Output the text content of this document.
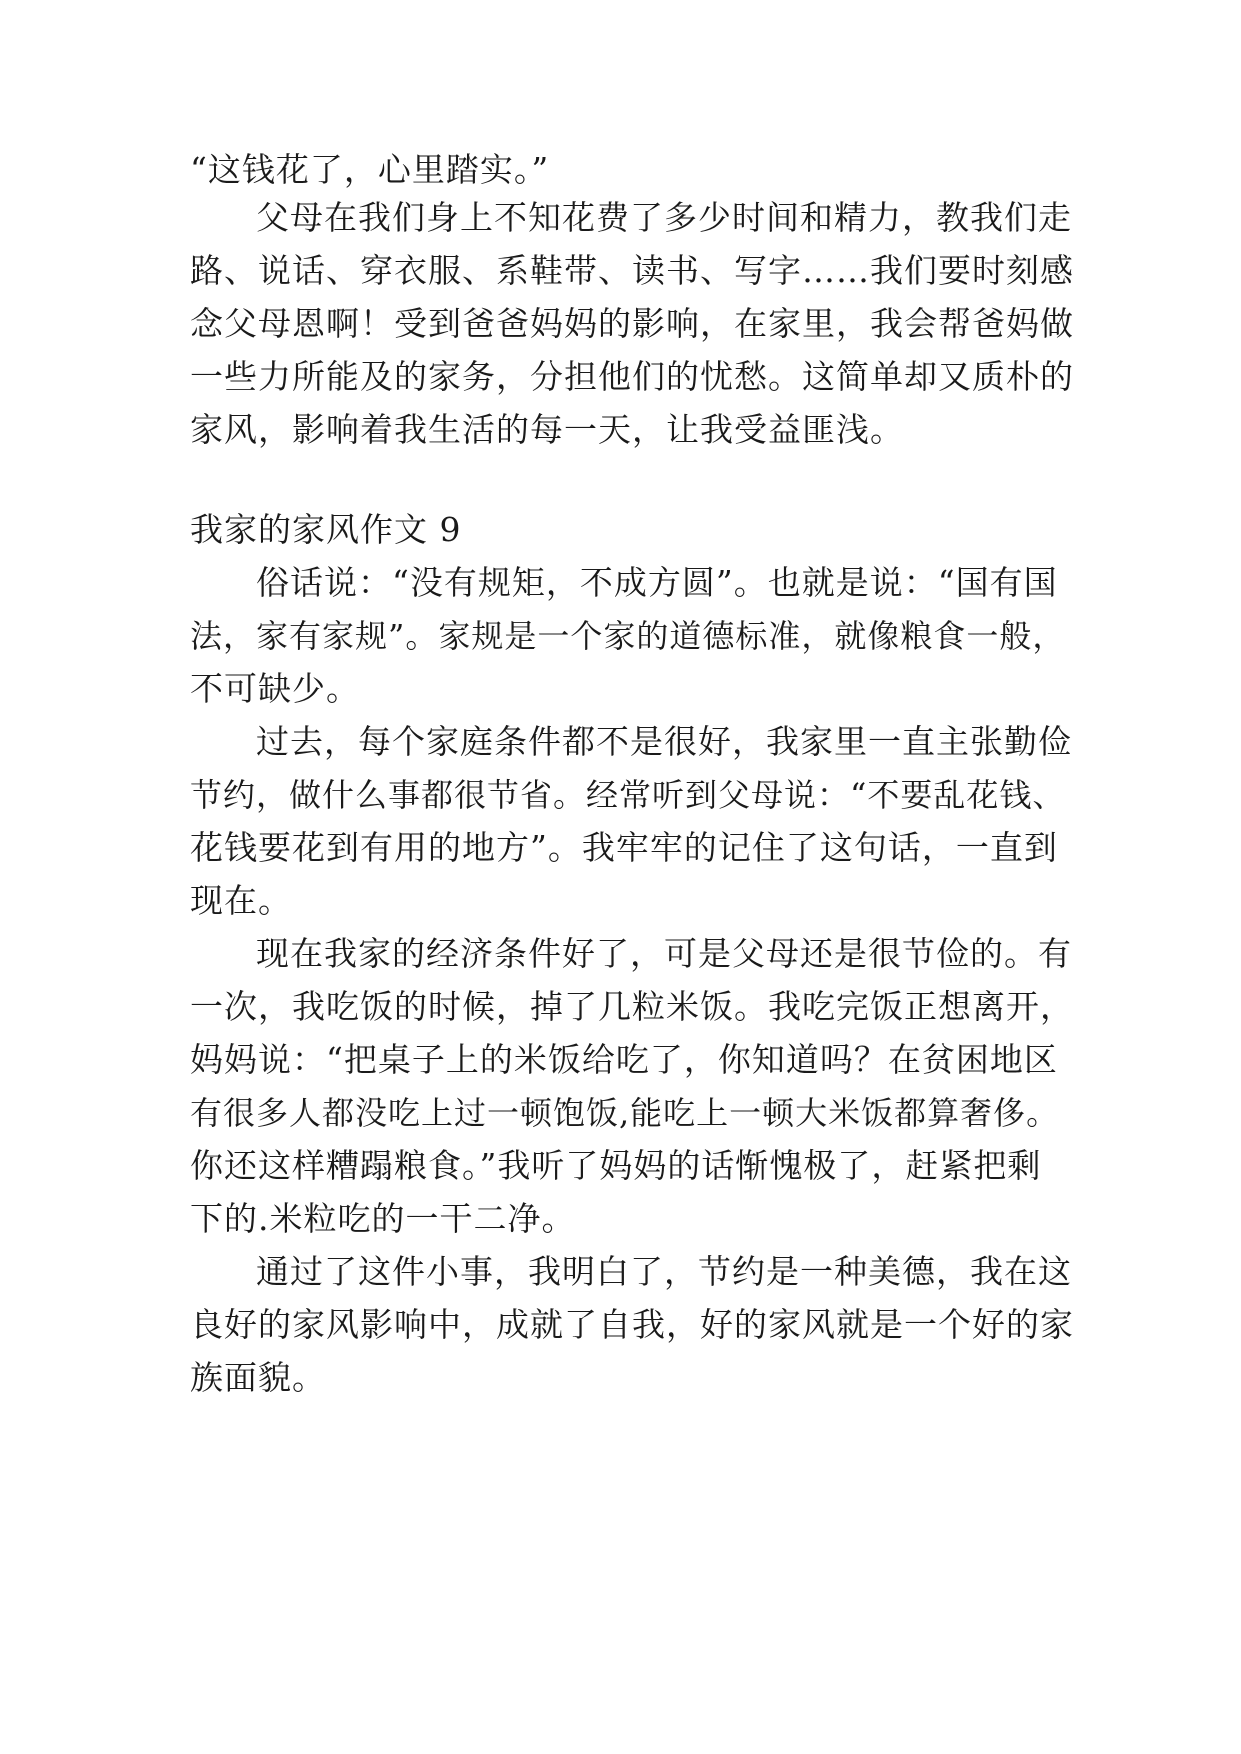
“这钱花了，心里踏实。”
父母在我们身上不知花费了多少时间和精力，教我们走
路、说话、穿衣服、系鞋带、读书、写字……我们要时刻感
念父母恩啊！受到爸爸妈妈的影响，在家里，我会帮爸妈做
一些力所能及的家务，分担他们的忧愁。这简单却又质朴的
家风，影响着我生活的每一天，让我受益匪浅。
我家的家风作文 9
俗话说：“没有规矩，不成方圆”。也就是说：“国有国
法，家有家规”。家规是一个家的道德标准，就像粮食一般，
不可缺少。
过去，每个家庭条件都不是很好，我家里一直主张勤俭
节约，做什么事都很节省。经常听到父母说：“不要乱花钱、
花钱要花到有用的地方”。我牢牢的记住了这句话，一直到
现在。
现在我家的经济条件好了，可是父母还是很节俭的。有
一次，我吃饭的时候，掉了几粒米饭。我吃完饭正想离开，
妈妈说：“把桌子上的米饭给吃了，你知道吗？在贫困地区
有很多人都没吃上过一顿饱饭,能吃上一顿大米饭都算奢侈。
你还这样糟蹋粮食。”我听了妈妈的话惭愧极了，赶紧把剩
下的.米粒吃的一干二净。
通过了这件小事，我明白了，节约是一种美德，我在这
良好的家风影响中，成就了自我，好的家风就是一个好的家
族面貌。
